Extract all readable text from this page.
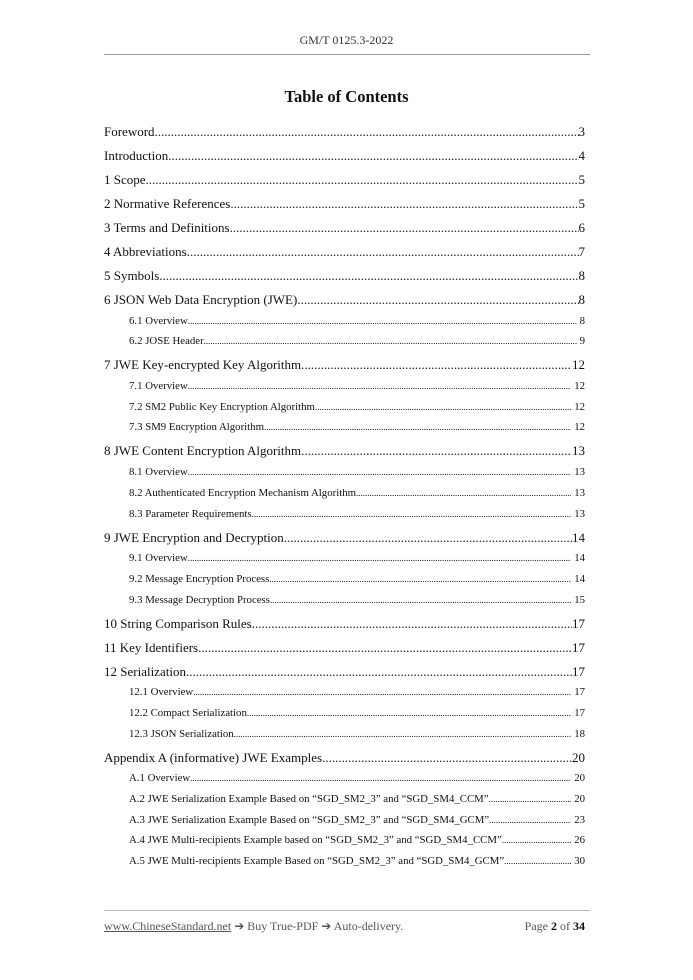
GM/T 0125.3-2022
Table of Contents
Foreword .....	3
Introduction .....	4
1 Scope .....	5
2 Normative References .....	5
3 Terms and Definitions .....	6
4 Abbreviations .....	7
5 Symbols .....	8
6 JSON Web Data Encryption (JWE) .....	8
6.1 Overview .....	8
6.2 JOSE Header .....	9
7 JWE Key-encrypted Key Algorithm .....	12
7.1 Overview .....	12
7.2 SM2 Public Key Encryption Algorithm .....	12
7.3 SM9 Encryption Algorithm .....	12
8 JWE Content Encryption Algorithm .....	13
8.1 Overview .....	13
8.2 Authenticated Encryption Mechanism Algorithm .....	13
8.3 Parameter Requirements .....	13
9 JWE Encryption and Decryption .....	14
9.1 Overview .....	14
9.2 Message Encryption Process .....	14
9.3 Message Decryption Process .....	15
10 String Comparison Rules .....	17
11 Key Identifiers .....	17
12 Serialization .....	17
12.1 Overview .....	17
12.2 Compact Serialization .....	17
12.3 JSON Serialization .....	18
Appendix A (informative) JWE Examples .....	20
A.1 Overview .....	20
A.2 JWE Serialization Example Based on “SGD_SM2_3” and “SGD_SM4_CCM” .....	20
A.3 JWE Serialization Example Based on “SGD_SM2_3” and “SGD_SM4_GCM” .....	23
A.4 JWE Multi-recipients Example based on “SGD_SM2_3” and “SGD_SM4_CCM” .....	26
A.5 JWE Multi-recipients Example Based on “SGD_SM2_3” and “SGD_SM4_GCM” .....	30
www.ChineseStandard.net ➔ Buy True-PDF ➔ Auto-delivery.	Page 2 of 34
